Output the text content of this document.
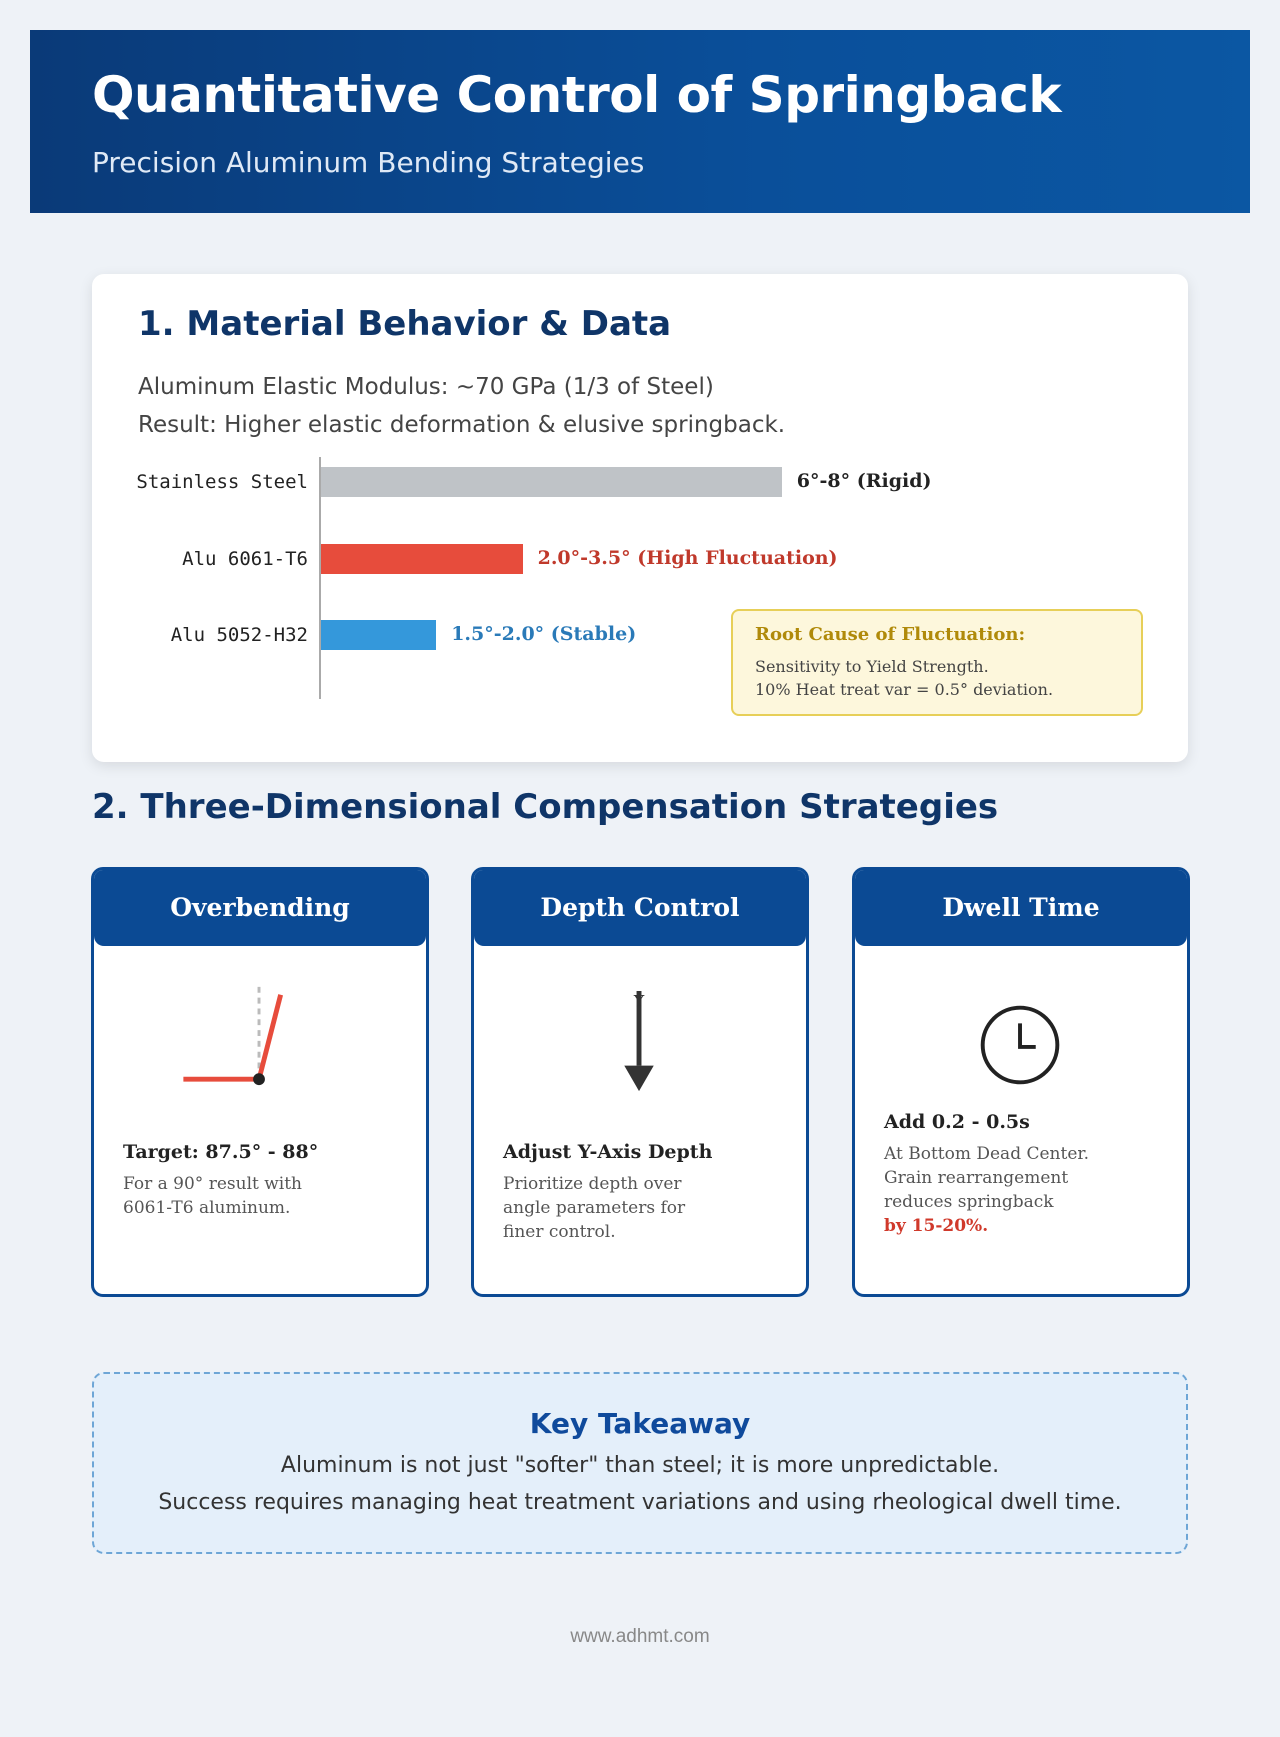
Quantitative Control of Springback
Precision Aluminum Bending Strategies
1. Material Behavior & Data
Aluminum Elastic Modulus: ~70 GPa (1/3 of Steel)
Result: Higher elastic deformation & elusive springback.
Root Cause of Fluctuation:
Sensitivity to Yield Strength.
10% Heat treat var = 0.5° deviation.
Stainless Steel	6°-8° (Rigid)
Alu 6061-T6	2.0°-3.5° (High Fluctuation)
Alu 5052-H32	1.5°-2.0° (Stable)
2. Three-Dimensional Compensation Strategies
Overbending
Target: 87.5° - 88°
For a 90° result with
6061-T6 aluminum.
Depth Control
Y
Adjust Y-Axis Depth
Prioritize depth over
angle parameters for
finer control.
Dwell Time
Add 0.2 - 0.5s
At Bottom Dead Center.
Grain rearrangement
reduces springback
by 15-20%.
Key Takeaway
Aluminum is not just "softer" than steel; it is more unpredictable.
Success requires managing heat treatment variations and using rheological dwell time.
www.adhmt.com
